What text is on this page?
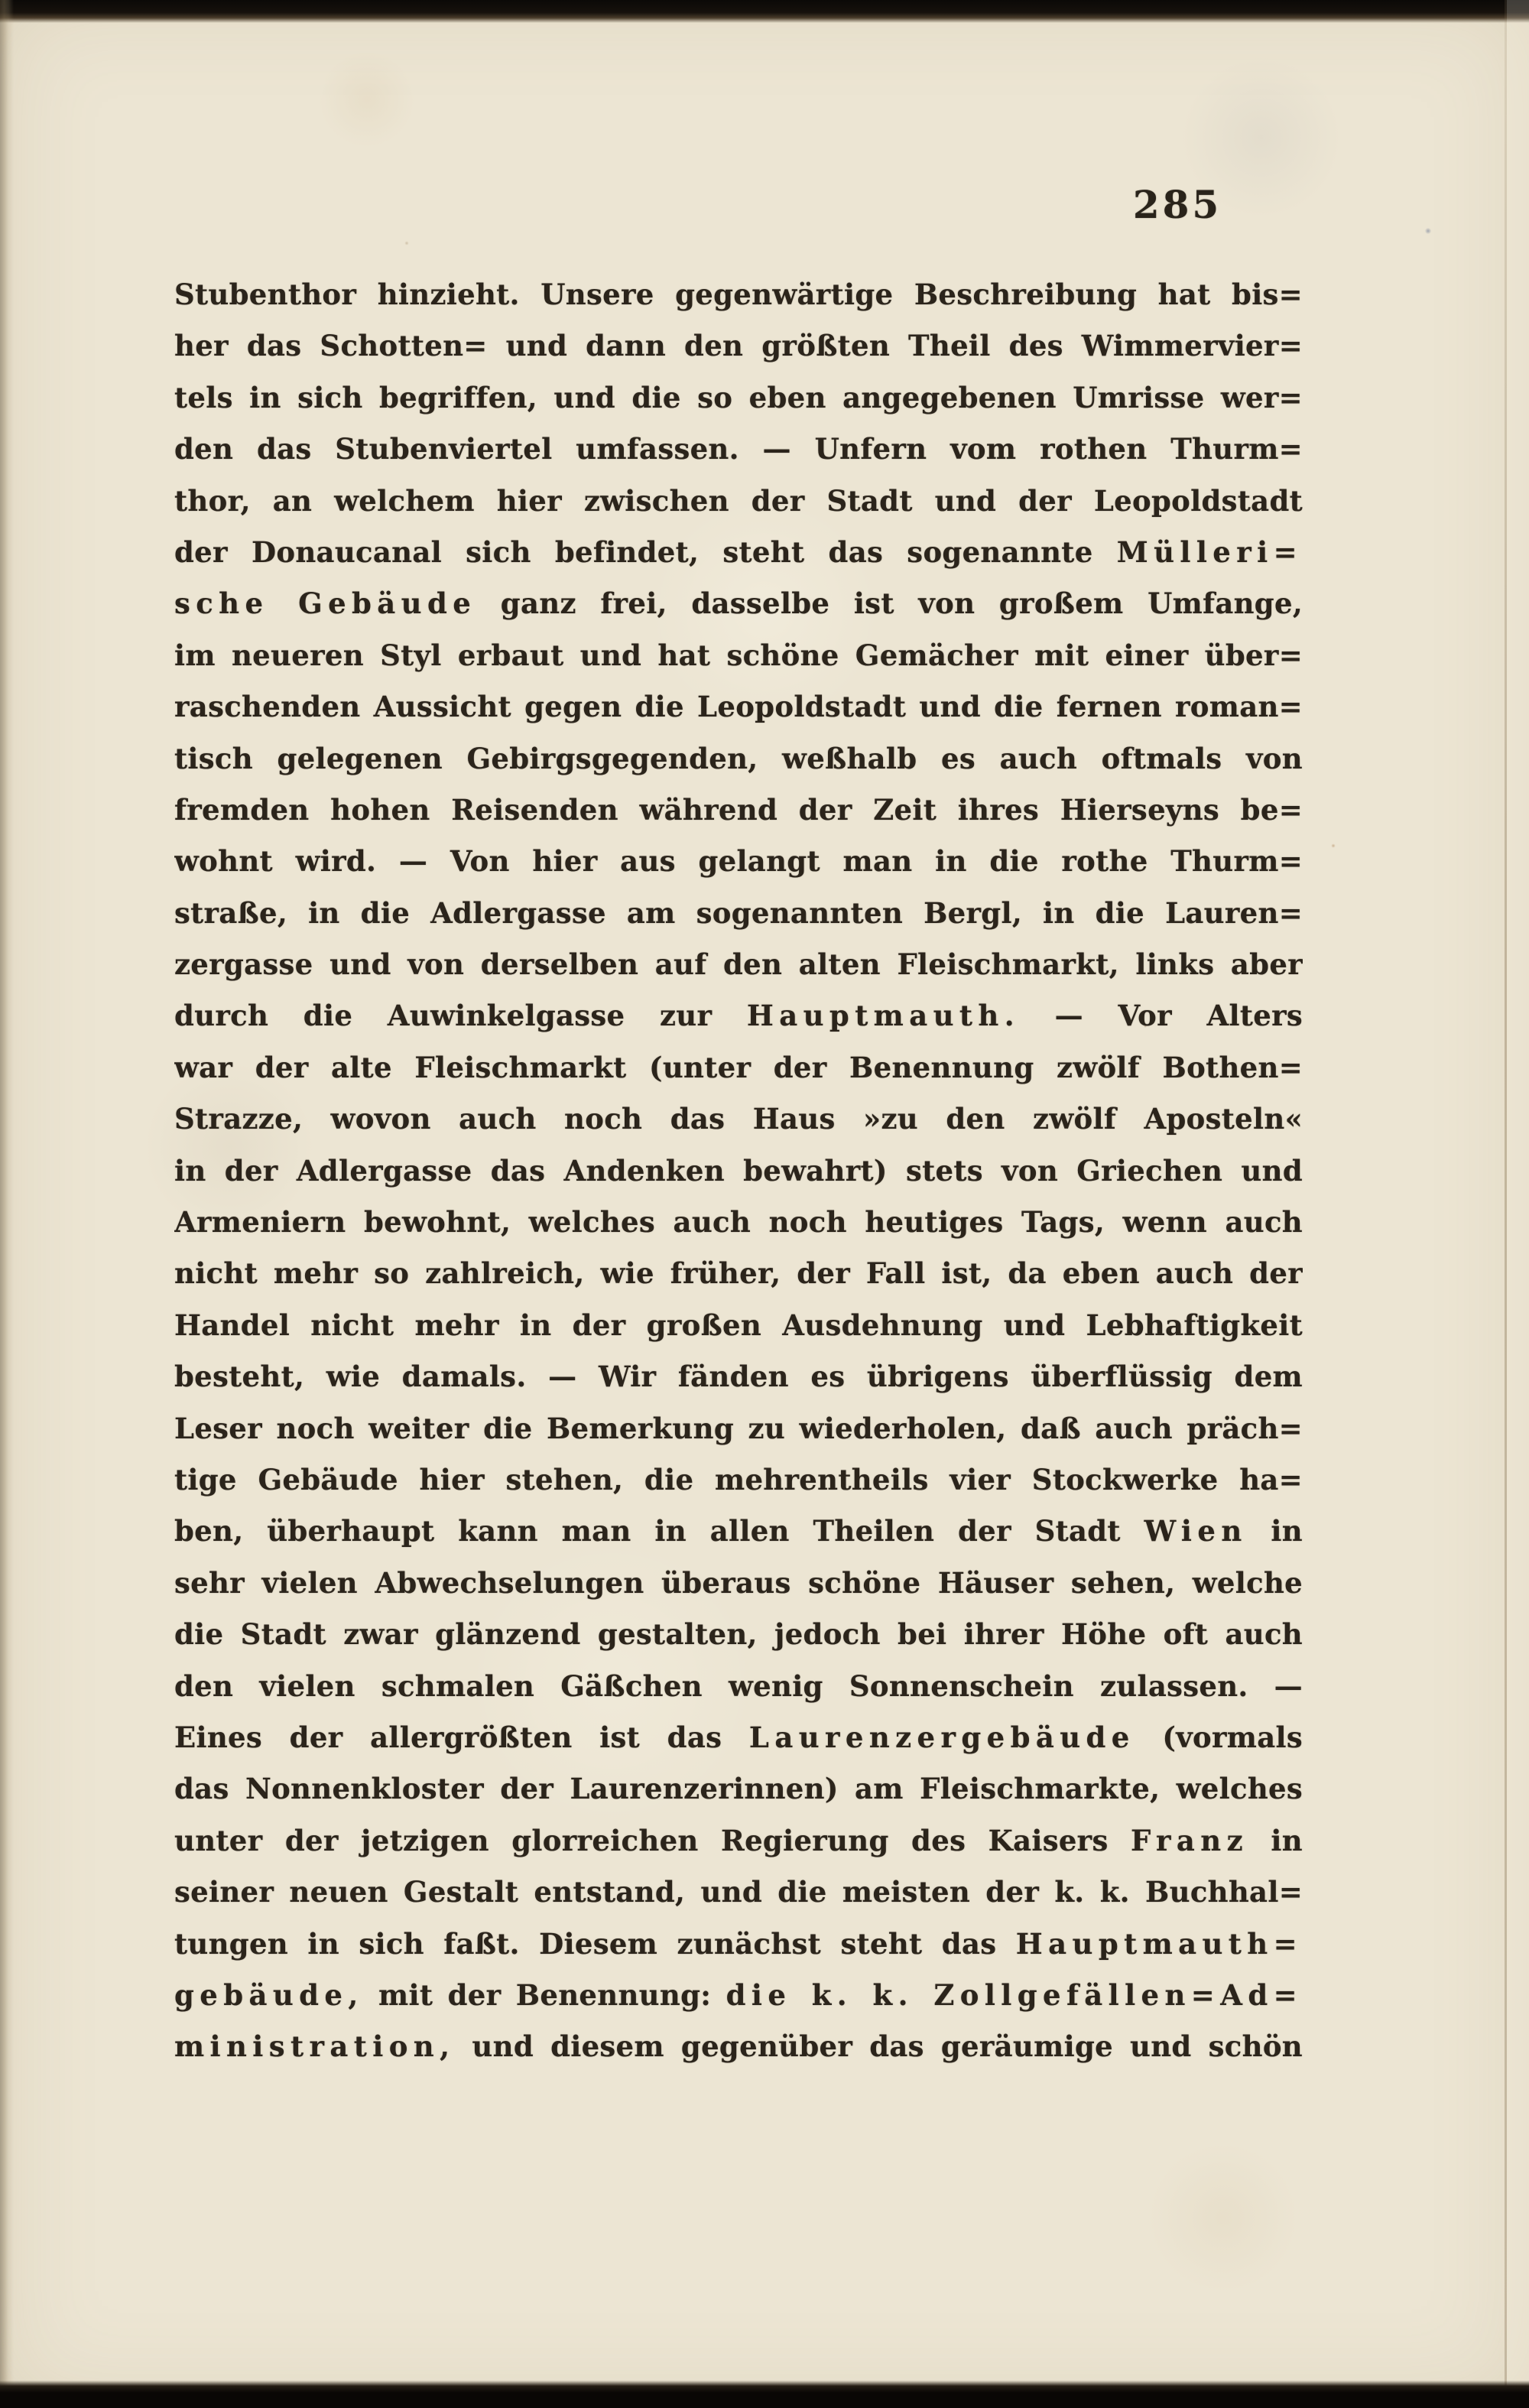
285
Stubenthor hinzieht. Unsere gegenwärtige Beschreibung hat bis=
her das Schotten= und dann den größten Theil des Wimmervier=
tels in sich begriffen, und die so eben angegebenen Umrisse wer=
den das Stubenviertel umfassen. — Unfern vom rothen Thurm=
thor, an welchem hier zwischen der Stadt und der Leopoldstadt
der Donaucanal sich befindet, steht das sogenannte Mülleri=
sche Gebäude ganz frei, dasselbe ist von großem Umfange,
im neueren Styl erbaut und hat schöne Gemächer mit einer über=
raschenden Aussicht gegen die Leopoldstadt und die fernen roman=
tisch gelegenen Gebirgsgegenden, weßhalb es auch oftmals von
fremden hohen Reisenden während der Zeit ihres Hierseyns be=
wohnt wird. — Von hier aus gelangt man in die rothe Thurm=
straße, in die Adlergasse am sogenannten Bergl, in die Lauren=
zergasse und von derselben auf den alten Fleischmarkt, links aber
durch die Auwinkelgasse zur Hauptmauth. — Vor Alters
war der alte Fleischmarkt (unter der Benennung zwölf Bothen=
Strazze, wovon auch noch das Haus »zu den zwölf Aposteln«
in der Adlergasse das Andenken bewahrt) stets von Griechen und
Armeniern bewohnt, welches auch noch heutiges Tags, wenn auch
nicht mehr so zahlreich, wie früher, der Fall ist, da eben auch der
Handel nicht mehr in der großen Ausdehnung und Lebhaftigkeit
besteht, wie damals. — Wir fänden es übrigens überflüssig dem
Leser noch weiter die Bemerkung zu wiederholen, daß auch präch=
tige Gebäude hier stehen, die mehrentheils vier Stockwerke ha=
ben, überhaupt kann man in allen Theilen der Stadt Wien in
sehr vielen Abwechselungen überaus schöne Häuser sehen, welche
die Stadt zwar glänzend gestalten, jedoch bei ihrer Höhe oft auch
den vielen schmalen Gäßchen wenig Sonnenschein zulassen. —
Eines der allergrößten ist das Laurenzergebäude (vormals
das Nonnenkloster der Laurenzerinnen) am Fleischmarkte, welches
unter der jetzigen glorreichen Regierung des Kaisers Franz in
seiner neuen Gestalt entstand, und die meisten der k. k. Buchhal=
tungen in sich faßt. Diesem zunächst steht das Hauptmauth=
gebäude, mit der Benennung: die k. k. Zollgefällen=Ad=
ministration, und diesem gegenüber das geräumige und schön
